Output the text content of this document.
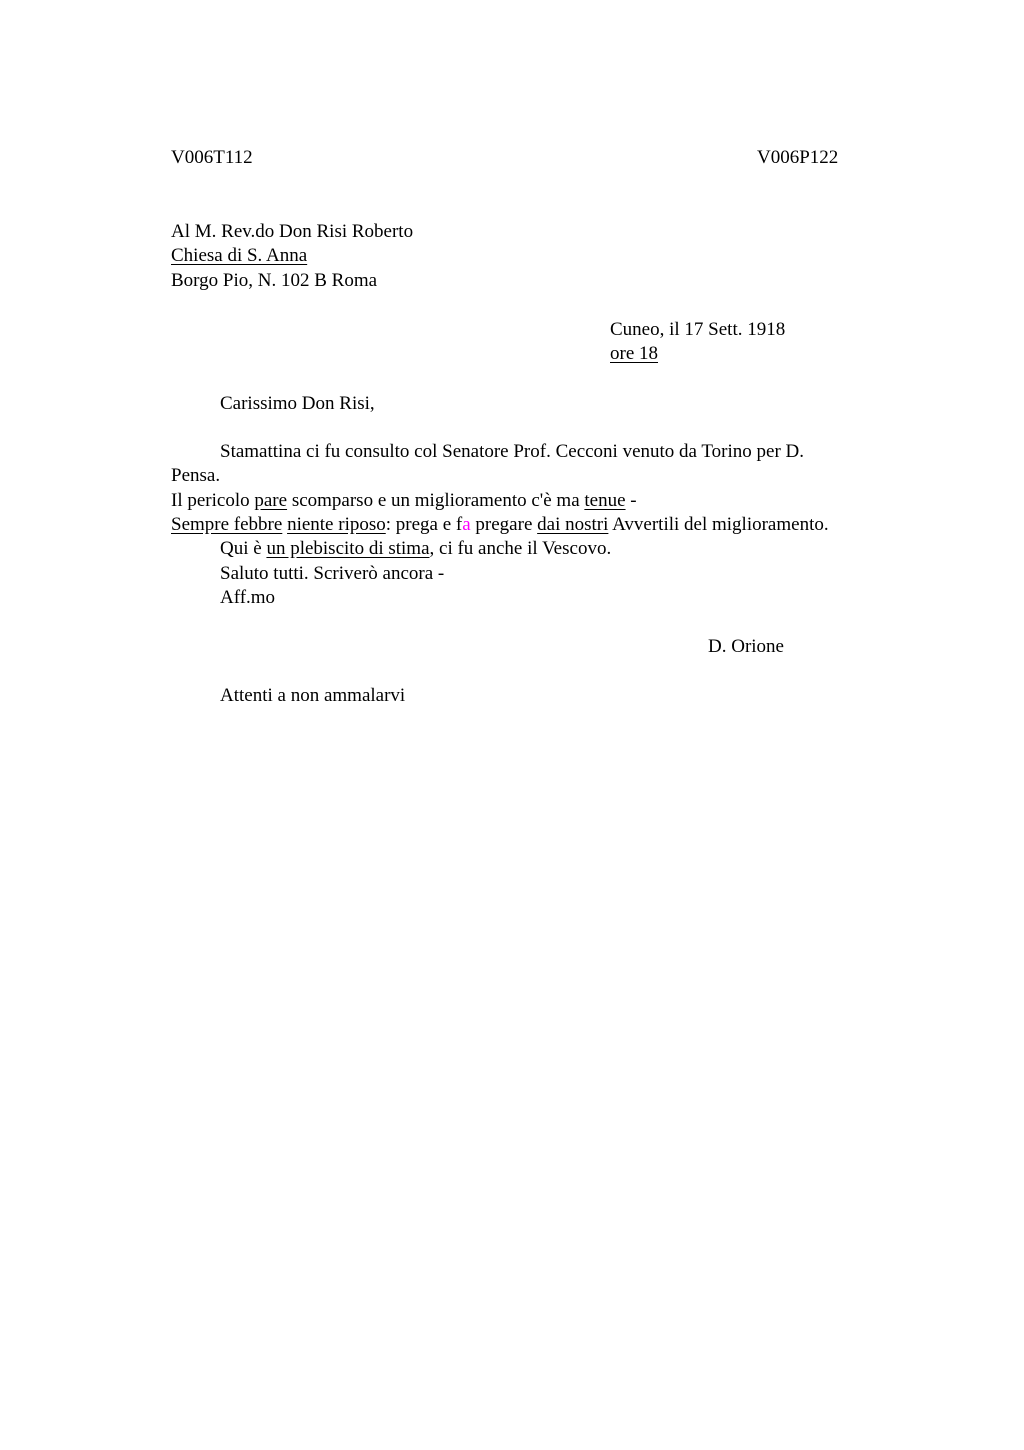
V006T112	V006P122

Al M. Rev.do Don Risi Roberto

Chiesa di S. Anna

Borgo Pio, N. 102 B Roma

Cuneo, il 17 Sett. 1918

ore 18

Carissimo Don Risi,

Stamattina ci fu consulto col Senatore Prof. Cecconi venuto da Torino per D.

Pensa.

Il pericolo pare scomparso e un miglioramento c'è ma tenue -

Sempre febbre niente riposo: prega e fa pregare dai nostri Avvertili del miglioramento.

Qui è un plebiscito di stima, ci fu anche il Vescovo.

Saluto tutti. Scriverò ancora -

Aff.mo

D. Orione

Attenti a non ammalarvi
